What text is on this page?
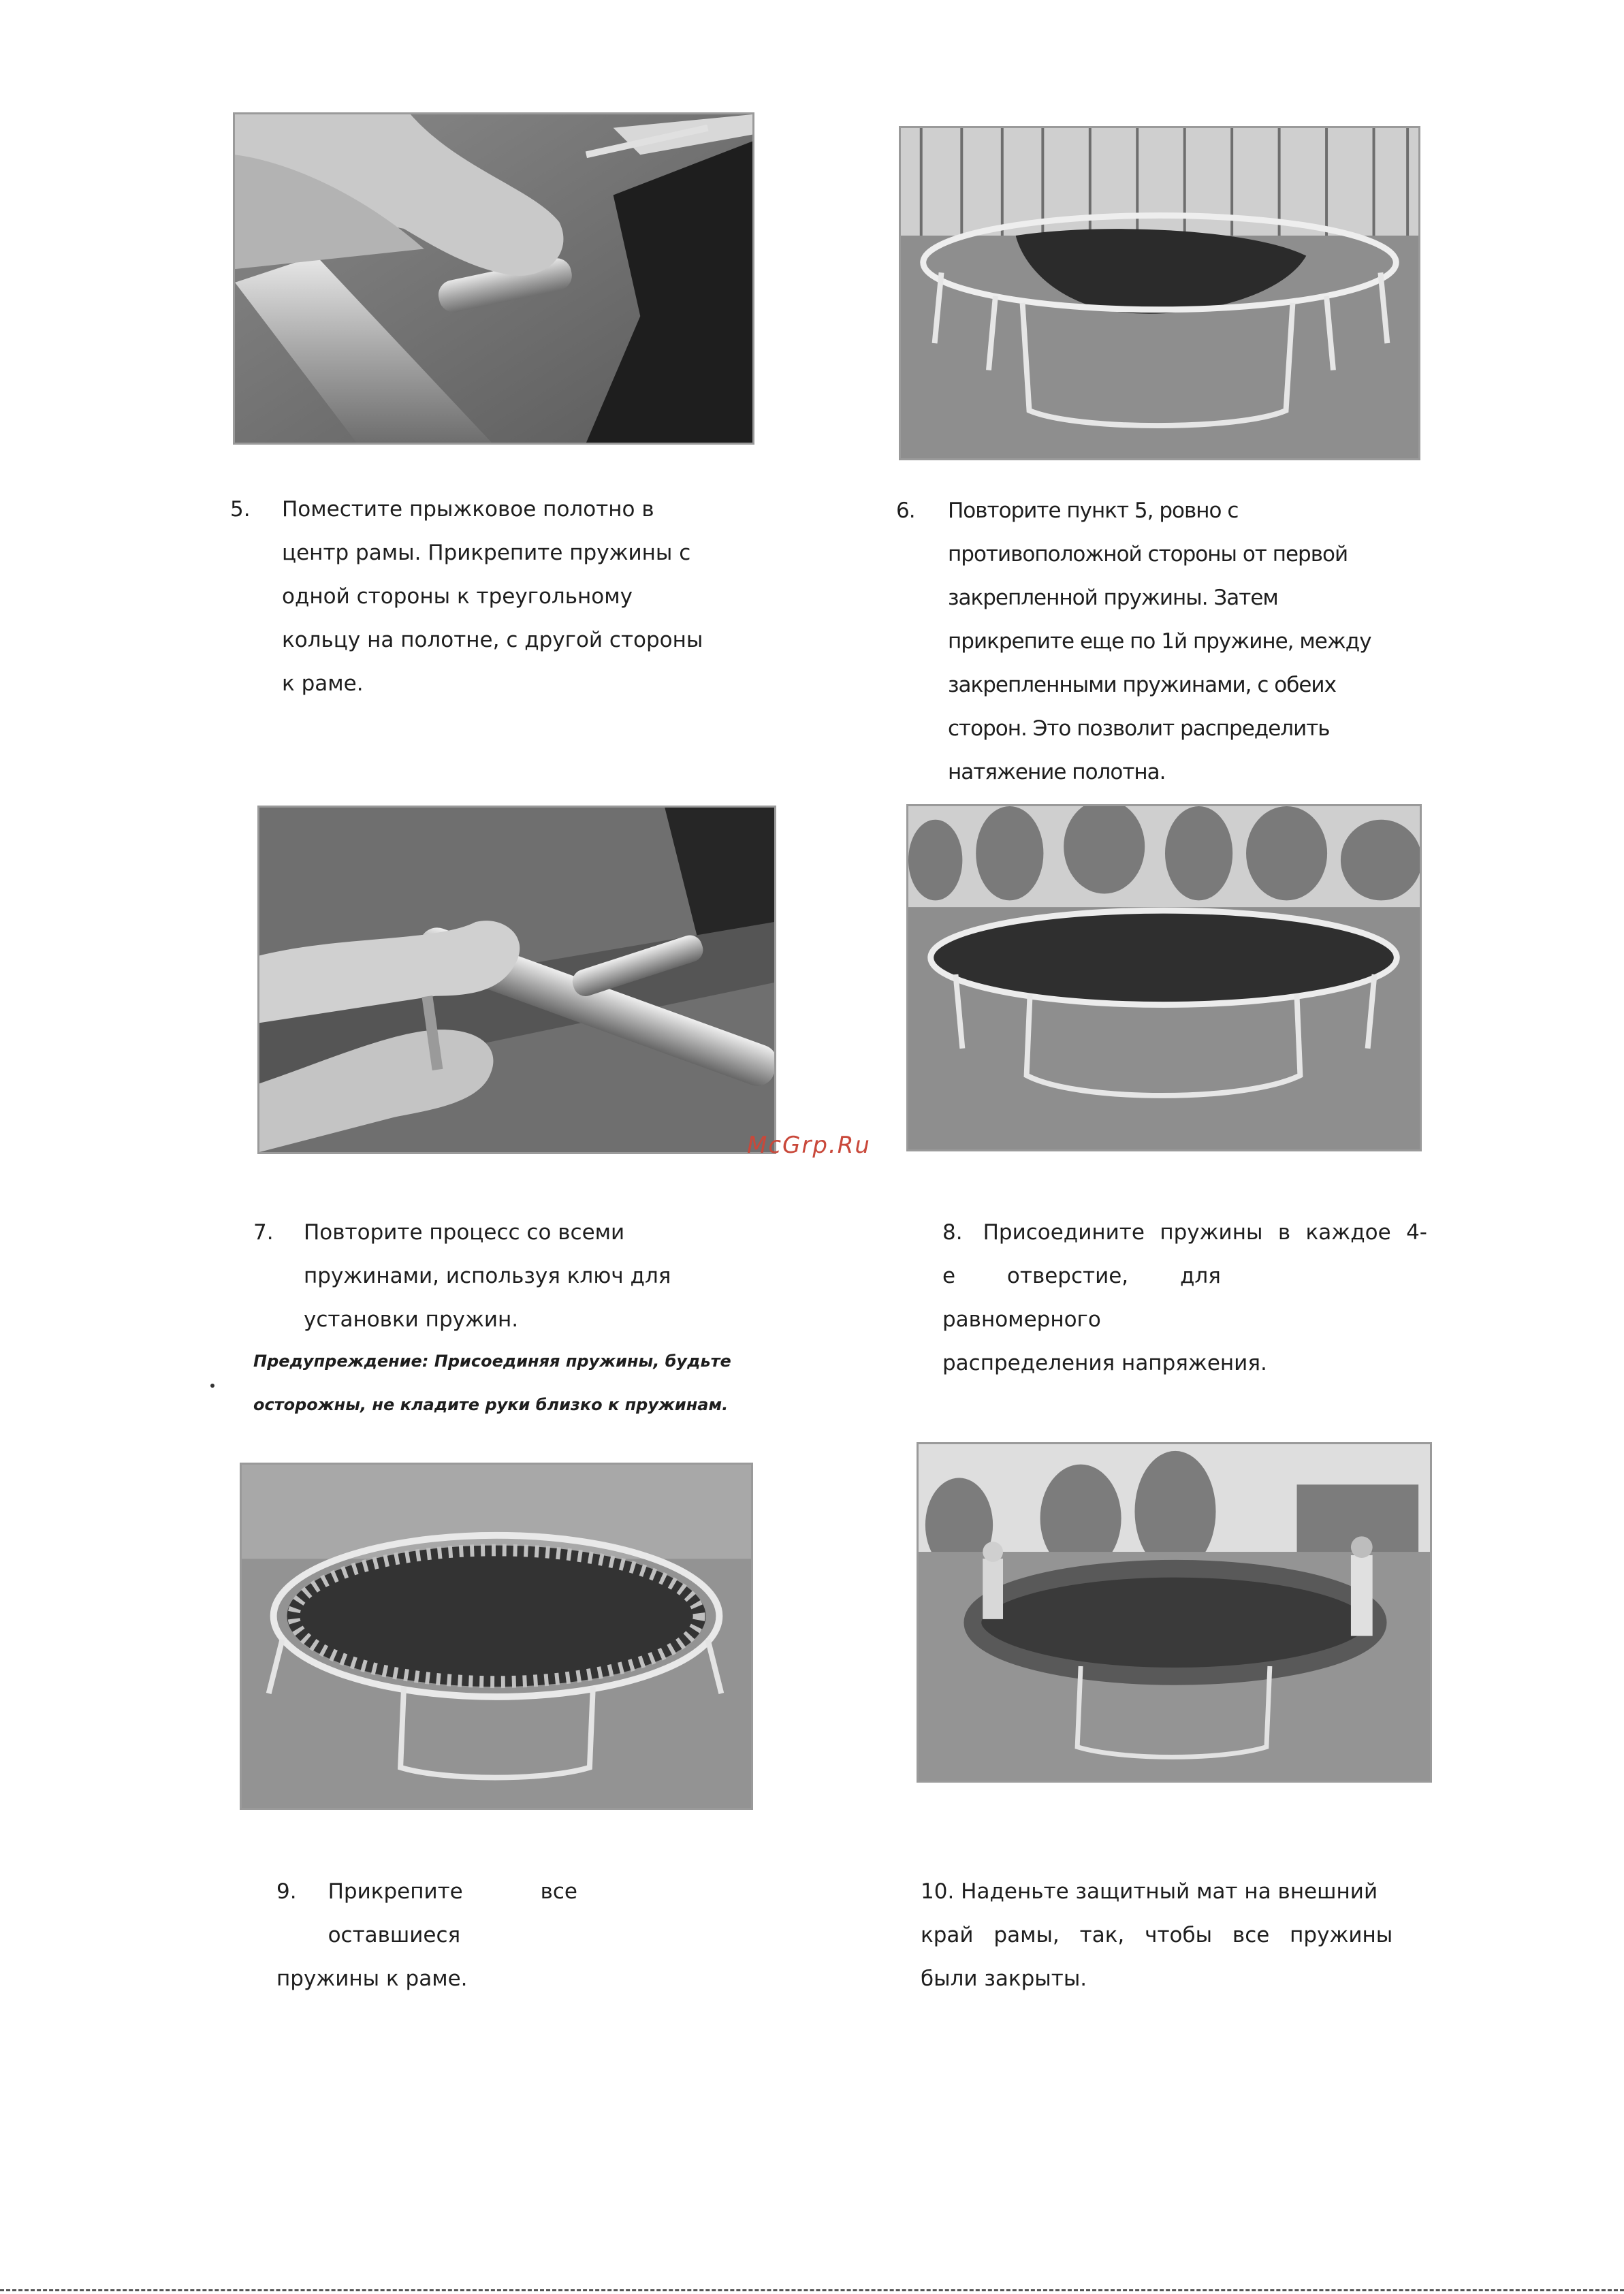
5. Поместите прыжковое полотно в
центр рамы. Прикрепите пружины с
одной стороны к треугольному
кольцу на полотне, с другой стороны
к раме.
6. Повторите пункт 5, ровно с
противоположной стороны от первой
закрепленной пружины. Затем
прикрепите еще по 1й пружине, между
закрепленными пружинами, с обеих
сторон. Это позволит распределить
натяжение полотна.
McGrp.Ru
7. Повторите процесс со всеми
пружинами, используя ключ для
установки пружин.
Предупреждение: Присоединяя пружины, будьте
осторожны, не кладите руки близко к пружинам.
8. Присоедините пружины в каждое 4-
е отверстие, для равномерного
распределения напряжения.
9. Прикрепите все оставшиеся
пружины к раме.
10. Наденьте защитный мат на внешний
край рамы, так, чтобы все пружины
были закрыты.
